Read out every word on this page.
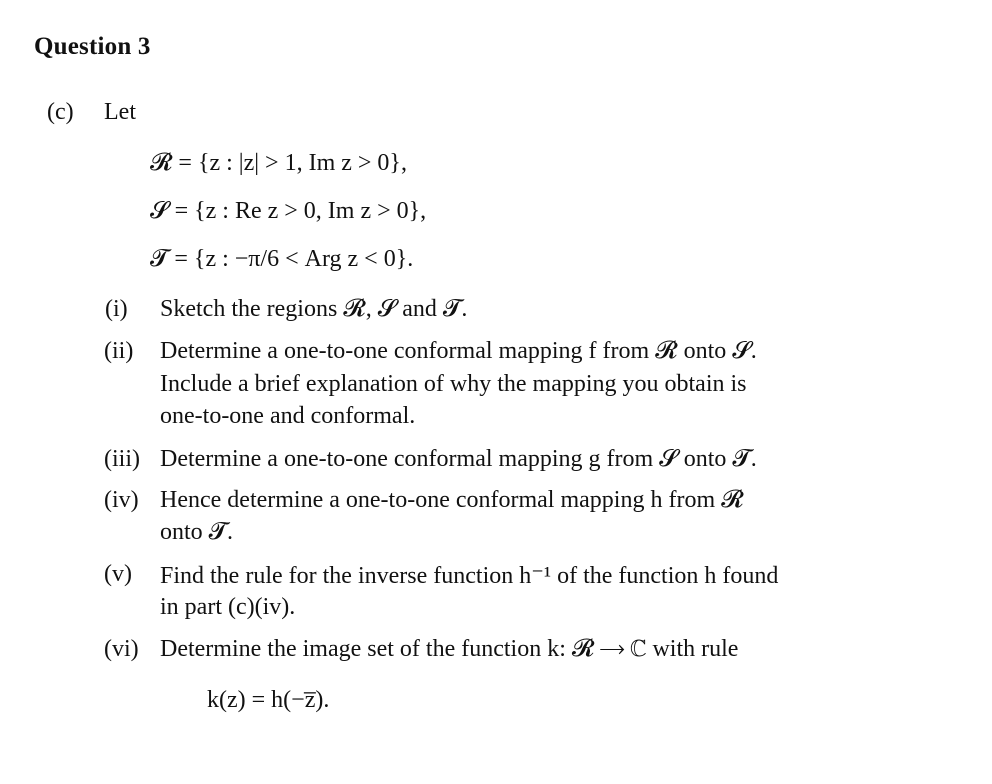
Question 3
(c) Let
𝓡 = {z : |z| > 1, Im z > 0},
𝓢 = {z : Re z > 0, Im z > 0},
𝓣 = {z : −π/6 < Arg z < 0}.
(i) Sketch the regions 𝓡, 𝓢 and 𝓣.
(ii) Determine a one-to-one conformal mapping f from 𝓡 onto 𝓢.
Include a brief explanation of why the mapping you obtain is
one-to-one and conformal.
(iii) Determine a one-to-one conformal mapping g from 𝓢 onto 𝓣.
(iv) Hence determine a one-to-one conformal mapping h from 𝓡
onto 𝓣.
(v) Find the rule for the inverse function h⁻¹ of the function h found
in part (c)(iv).
(vi) Determine the image set of the function k: 𝓡 ⟶ ℂ with rule
k(z) = h(−z̅).
